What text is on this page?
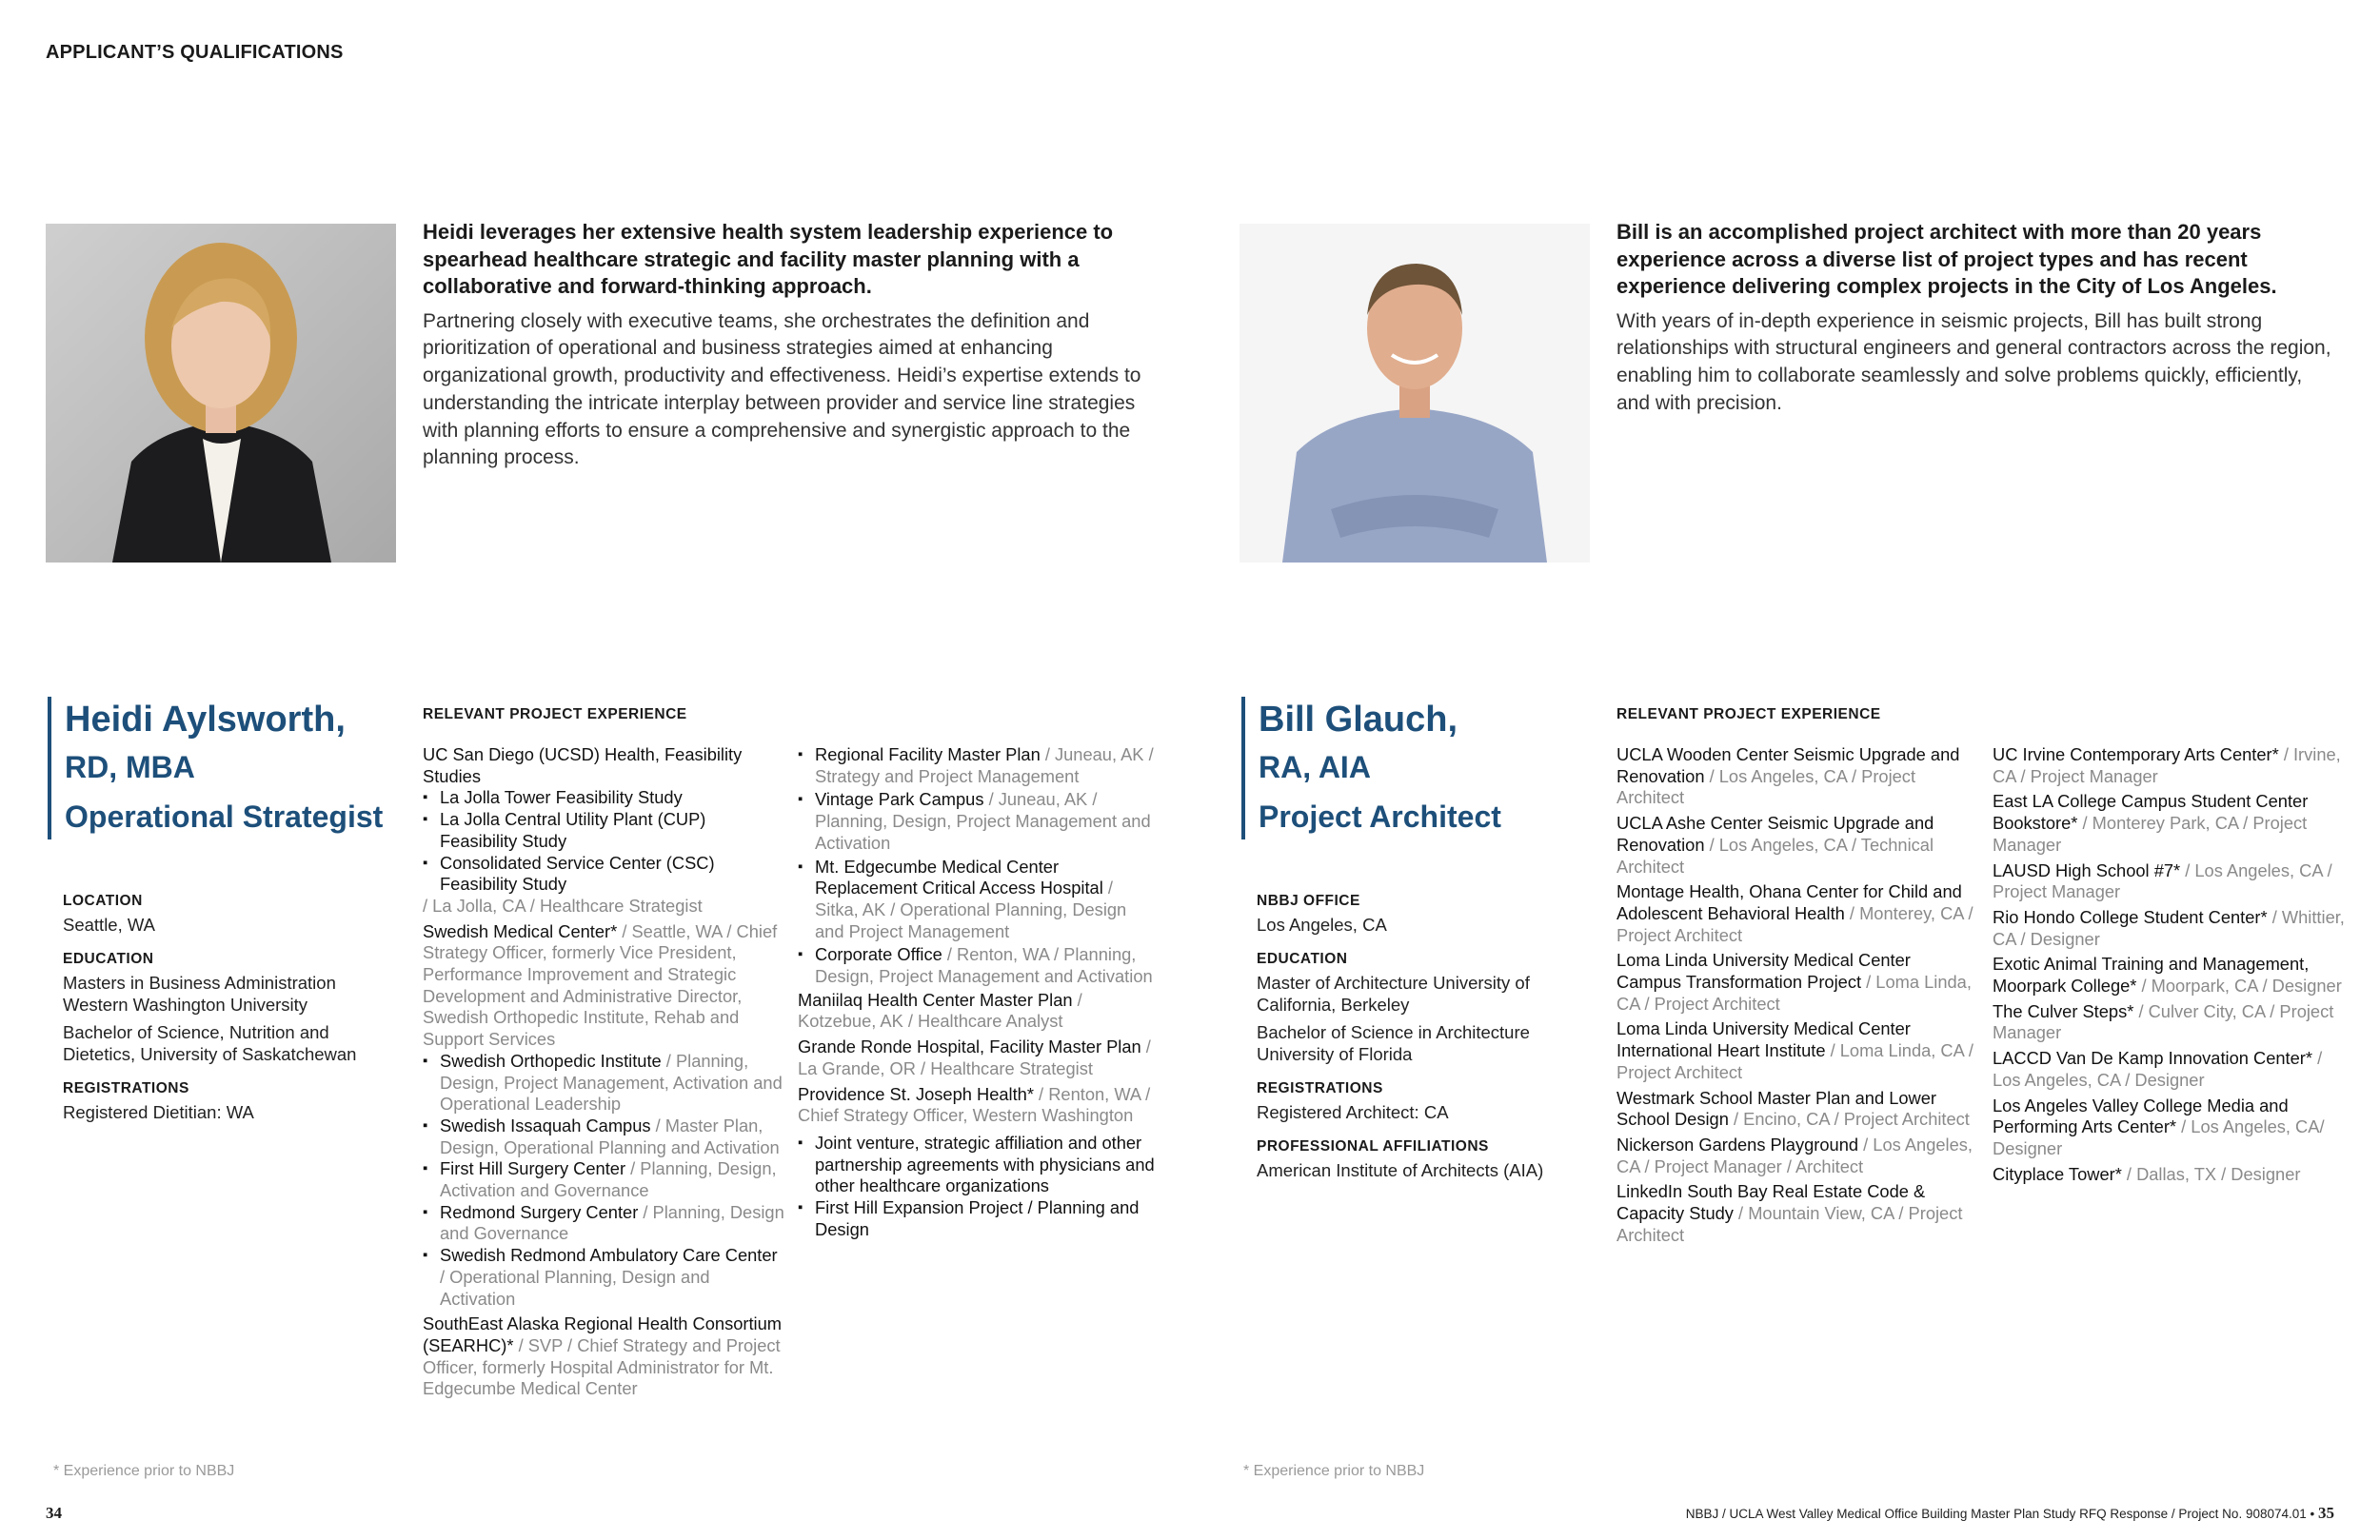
APPLICANT’S QUALIFICATIONS
Heidi leverages her extensive health system leadership experience to spearhead healthcare strategic and facility master planning with a collaborative and forward-thinking approach.
Partnering closely with executive teams, she orchestrates the definition and prioritization of operational and business strategies aimed at enhancing organizational growth, productivity and effectiveness. Heidi’s expertise extends to understanding the intricate interplay between provider and service line strategies with planning efforts to ensure a comprehensive and synergistic approach to the planning process.
Bill is an accomplished project architect with more than 20 years experience across a diverse list of project types and has recent experience delivering complex projects in the City of Los Angeles.
With years of in-depth experience in seismic projects, Bill has built strong relationships with structural engineers and general contractors across the region, enabling him to collaborate seamlessly and solve problems quickly, efficiently, and with precision.
Heidi Aylsworth,
RD, MBA
Operational Strategist
LOCATION
Seattle, WA
EDUCATION
Masters in Business Administration Western Washington University
Bachelor of Science, Nutrition and Dietetics, University of Saskatchewan
REGISTRATIONS
Registered Dietitian: WA
RELEVANT PROJECT EXPERIENCE
UC San Diego (UCSD) Health, Feasibility Studies
▪ La Jolla Tower Feasibility Study
▪ La Jolla Central Utility Plant (CUP) Feasibility Study
▪ Consolidated Service Center (CSC) Feasibility Study
/ La Jolla, CA / Healthcare Strategist
Swedish Medical Center* / Seattle, WA / Chief Strategy Officer, formerly Vice President, Performance Improvement and Strategic Development and Administrative Director, Swedish Orthopedic Institute, Rehab and Support Services
▪ Swedish Orthopedic Institute / Planning, Design, Project Management, Activation and Operational Leadership
▪ Swedish Issaquah Campus / Master Plan, Design, Operational Planning and Activation
▪ First Hill Surgery Center / Planning, Design, Activation and Governance
▪ Redmond Surgery Center / Planning, Design and Governance
▪ Swedish Redmond Ambulatory Care Center / Operational Planning, Design and Activation
SouthEast Alaska Regional Health Consortium (SEARHC)* / SVP / Chief Strategy and Project Officer, formerly Hospital Administrator for Mt. Edgecumbe Medical Center
▪ Regional Facility Master Plan / Juneau, AK / Strategy and Project Management
▪ Vintage Park Campus / Juneau, AK / Planning, Design, Project Management and Activation
▪ Mt. Edgecumbe Medical Center Replacement Critical Access Hospital / Sitka, AK / Operational Planning, Design and Project Management
▪ Corporate Office / Renton, WA / Planning, Design, Project Management and Activation
Maniilaq Health Center Master Plan / Kotzebue, AK / Healthcare Analyst
Grande Ronde Hospital, Facility Master Plan / La Grande, OR / Healthcare Strategist
Providence St. Joseph Health* / Renton, WA / Chief Strategy Officer, Western Washington
▪ Joint venture, strategic affiliation and other partnership agreements with physicians and other healthcare organizations
▪ First Hill Expansion Project / Planning and Design
* Experience prior to NBBJ
Bill Glauch,
RA, AIA
Project Architect
NBBJ OFFICE
Los Angeles, CA
EDUCATION
Master of Architecture University of California, Berkeley
Bachelor of Science in Architecture University of Florida
REGISTRATIONS
Registered Architect: CA
PROFESSIONAL AFFILIATIONS
American Institute of Architects (AIA)
RELEVANT PROJECT EXPERIENCE
UCLA Wooden Center Seismic Upgrade and Renovation / Los Angeles, CA / Project Architect
UCLA Ashe Center Seismic Upgrade and Renovation / Los Angeles, CA / Technical Architect
Montage Health, Ohana Center for Child and Adolescent Behavioral Health / Monterey, CA / Project Architect
Loma Linda University Medical Center Campus Transformation Project / Loma Linda, CA / Project Architect
Loma Linda University Medical Center International Heart Institute / Loma Linda, CA / Project Architect
Westmark School Master Plan and Lower School Design / Encino, CA / Project Architect
Nickerson Gardens Playground / Los Angeles, CA / Project Manager / Architect
LinkedIn South Bay Real Estate Code & Capacity Study / Mountain View, CA / Project Architect
UC Irvine Contemporary Arts Center* / Irvine, CA / Project Manager
East LA College Campus Student Center Bookstore* / Monterey Park, CA / Project Manager
LAUSD High School #7* / Los Angeles, CA / Project Manager
Rio Hondo College Student Center* / Whittier, CA / Designer
Exotic Animal Training and Management, Moorpark College* / Moorpark, CA / Designer
The Culver Steps* / Culver City, CA / Project Manager
LACCD Van De Kamp Innovation Center* / Los Angeles, CA / Designer
Los Angeles Valley College Media and Performing Arts Center* / Los Angeles, CA/ Designer
Cityplace Tower* / Dallas, TX / Designer
* Experience prior to NBBJ
34	NBBJ / UCLA West Valley Medical Office Building Master Plan Study RFQ Response / Project No. 908074.01 • 35
